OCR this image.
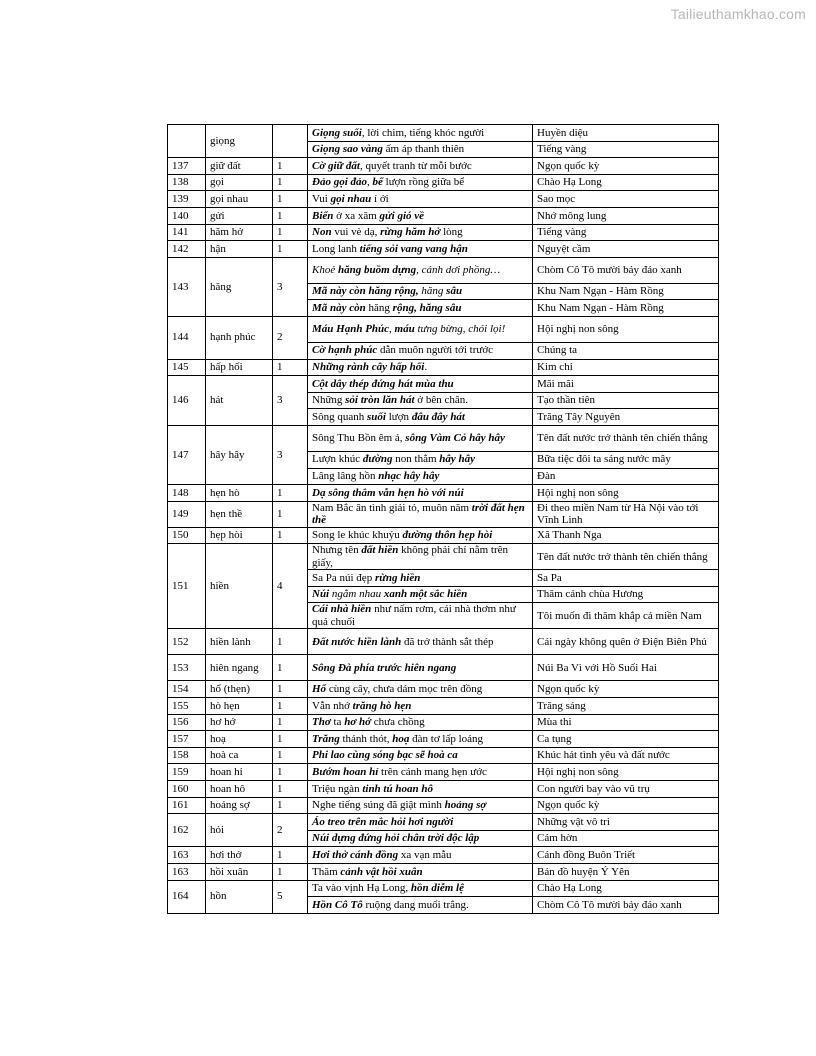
Tailieuthamkhao.com
	giọng		Giọng suối, lời chim, tiếng khóc người	Huyền diệu
			Giọng sao vàng ấm áp thanh thiên	Tiếng vàng
137	giữ đất	1	Cờ giữ đất, quyết tranh từ mỗi bước	Ngọn quốc kỳ
138	gọi	1	Đảo gọi đảo, bể lượn rồng giữa bể	Chào Hạ Long
139	gọi nhau	1	Vui gọi nhau í ới	Sao mọc
140	gửi	1	Biển ở xa xăm gửi gió về	Nhớ mông lung
141	hăm hở	1	Non vui vè dạ, rừng hăm hở lòng	Tiếng vàng
142	hận	1	Long lanh tiếng sỏi vang vang hận	Nguyệt cầm
143	hăng	3	Khoẻ hăng buồm dựng, cánh dơi phồng…	Chòm Cô Tô mười bảy đảo xanh
			Mã này còn hăng rộng, hăng sâu	Khu Nam Ngạn - Hàm Rồng
			Mã này còn hăng rộng, hăng sâu	Khu Nam Ngạn - Hàm Rồng
144	hạnh phúc	2	Máu Hạnh Phúc, máu tưng bừng, chói lọi!	Hội nghị non sông
			Cờ hạnh phúc dẫn muôn người tới trước	Chúng ta
145	hấp hối	1	Những rành cây hấp hối.	Kim chỉ
146	hát	3	Cột dây thép đứng hát mùa thu	Mãi mãi
			Những sỏi tròn lăn hát ở bên chân.	Tạo thần tiên
			Sông quanh suối lượn đâu đây hát	Trăng Tây Nguyên
147	hây hây	3	Sông Thu Bồn êm ả, sông Vàm Cỏ hây hây	Tên đất nước trở thành tên chiến thắng
			Lượn khúc đường non thẳm hây hây	Bữa tiệc đôi ta sáng nước mây
			Lâng lâng hồn nhạc hây hây	Đàn
148	hẹn hò	1	Dạ sông thắm vẫn hẹn hò với núi	Hội nghị non sông
149	hẹn thề	1	Nam Bắc ân tình giải tỏ, muôn năm trời đất hẹn thề	Đi theo miền Nam từ Hà Nội vào tới Vĩnh Linh
150	hẹp hòi	1	Song le khúc khuỷu đường thôn hẹp hòi	Xã Thanh Nga
151	hiền	4	Nhưng tên đất hiền không phải chỉ nằm trên giấy,	Tên đất nước trở thành tên chiến thắng
			Sa Pa núi đẹp rừng hiền	Sa Pa
			Núi ngắm nhau xanh một sắc hiền	Thăm cảnh chùa Hương
			Cái nhà hiền như nấm rơm, cái nhà thơm như quả chuối	Tôi muốn đi thăm khắp cả miền Nam
152	hiền lành	1	Đất nước hiền lành đã trở thành sắt thép	Cái ngày không quên ở Điện Biên Phủ
153	hiên ngang	1	Sông Đà phía trước hiên ngang	Núi Ba Vì với Hồ Suối Hai
154	hổ (thẹn)	1	Hổ cùng cây, chưa dám mọc trên đồng	Ngọn quốc kỳ
155	hò hẹn	1	Vẫn nhớ trăng hò hẹn	Trăng sáng
156	hơ hớ	1	Thơ ta hơ hớ chưa chồng	Mùa thi
157	hoạ	1	Trăng thánh thót, hoạ đàn tơ lấp loáng	Ca tụng
158	hoà ca	1	Phi lao cùng sóng bạc sẽ hoà ca	Khúc hát tình yêu và đất nước
159	hoan hỉ	1	Bướm hoan hỉ trên cánh mang hẹn ước	Hội nghị non sông
160	hoan hô	1	Triệu ngàn tinh tú hoan hô	Con người bay vào vũ trụ
161	hoảng sợ	1	Nghe tiếng súng đã giật mình hoảng sợ	Ngọn quốc kỳ
162	hỏi	2	Áo treo trên mắc hỏi hơi người	Những vật vô tri
			Núi dựng đứng hỏi chân trời độc lập	Cảm hờn
163	hơi thở	1	Hơi thở cánh đồng xa vạn mẫu	Cánh đồng Buôn Triết
163	hồi xuân	1	Thăm cảnh vật hồi xuân	Bản đồ huyện Ý Yên
164	hồn	5	Ta vào vịnh Hạ Long, hồn diễm lệ	Chào Hạ Long
			Hồn Cô Tô ruộng dang muối trắng.	Chòm Cô Tô mười bảy đảo xanh
